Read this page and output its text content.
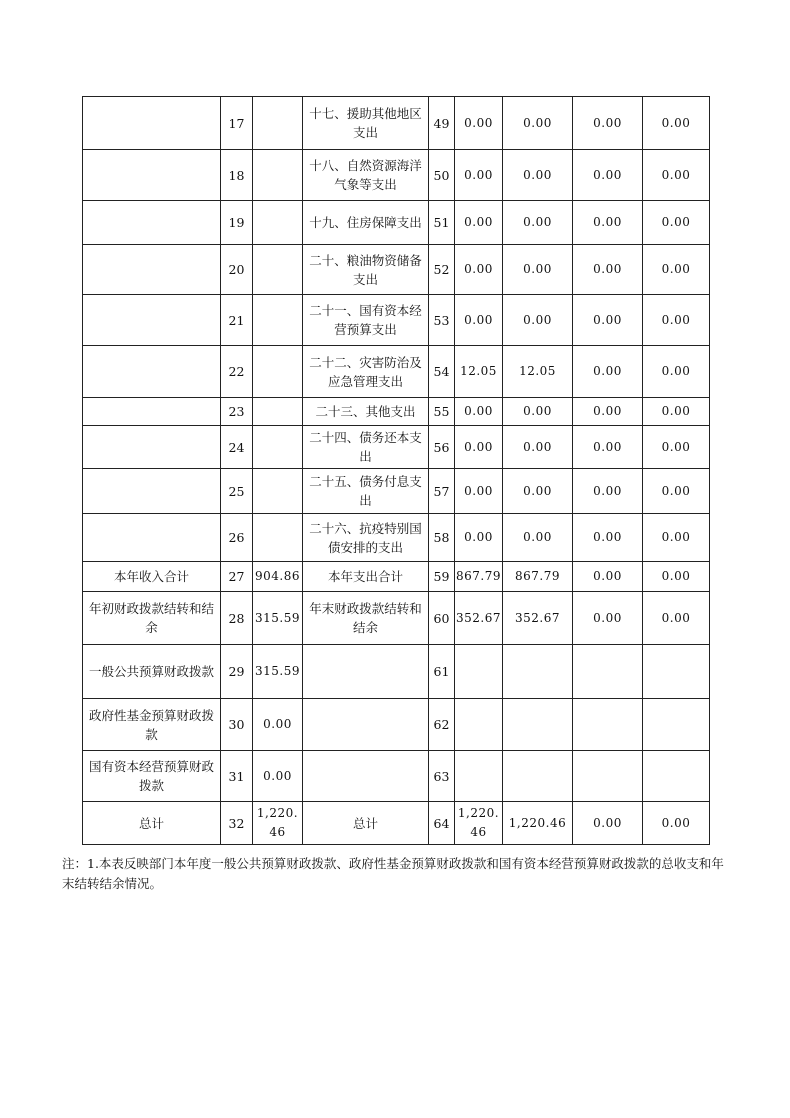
	17		十七、援助其他地区支出	49	0.00	0.00	0.00	0.00
	18		十八、自然资源海洋气象等支出	50	0.00	0.00	0.00	0.00
	19		十九、住房保障支出	51	0.00	0.00	0.00	0.00
	20		二十、粮油物资储备支出	52	0.00	0.00	0.00	0.00
	21		二十一、国有资本经营预算支出	53	0.00	0.00	0.00	0.00
	22		二十二、灾害防治及应急管理支出	54	12.05	12.05	0.00	0.00
	23		二十三、其他支出	55	0.00	0.00	0.00	0.00
	24		二十四、债务还本支出	56	0.00	0.00	0.00	0.00
	25		二十五、债务付息支出	57	0.00	0.00	0.00	0.00
	26		二十六、抗疫特别国债安排的支出	58	0.00	0.00	0.00	0.00
本年收入合计	27	904.86	本年支出合计	59	867.79	867.79	0.00	0.00
年初财政拨款结转和结余	28	315.59	年末财政拨款结转和结余	60	352.67	352.67	0.00	0.00
一般公共预算财政拨款	29	315.59		61				
政府性基金预算财政拨款	30	0.00		62				
国有资本经营预算财政拨款	31	0.00		63				
总计	32	1,220.46	总计	64	1,220.46	1,220.46	0.00	0.00
注：1.本表反映部门本年度一般公共预算财政拨款、政府性基金预算财政拨款和国有资本经营预算财政拨款的总收支和年末结转结余情况。
